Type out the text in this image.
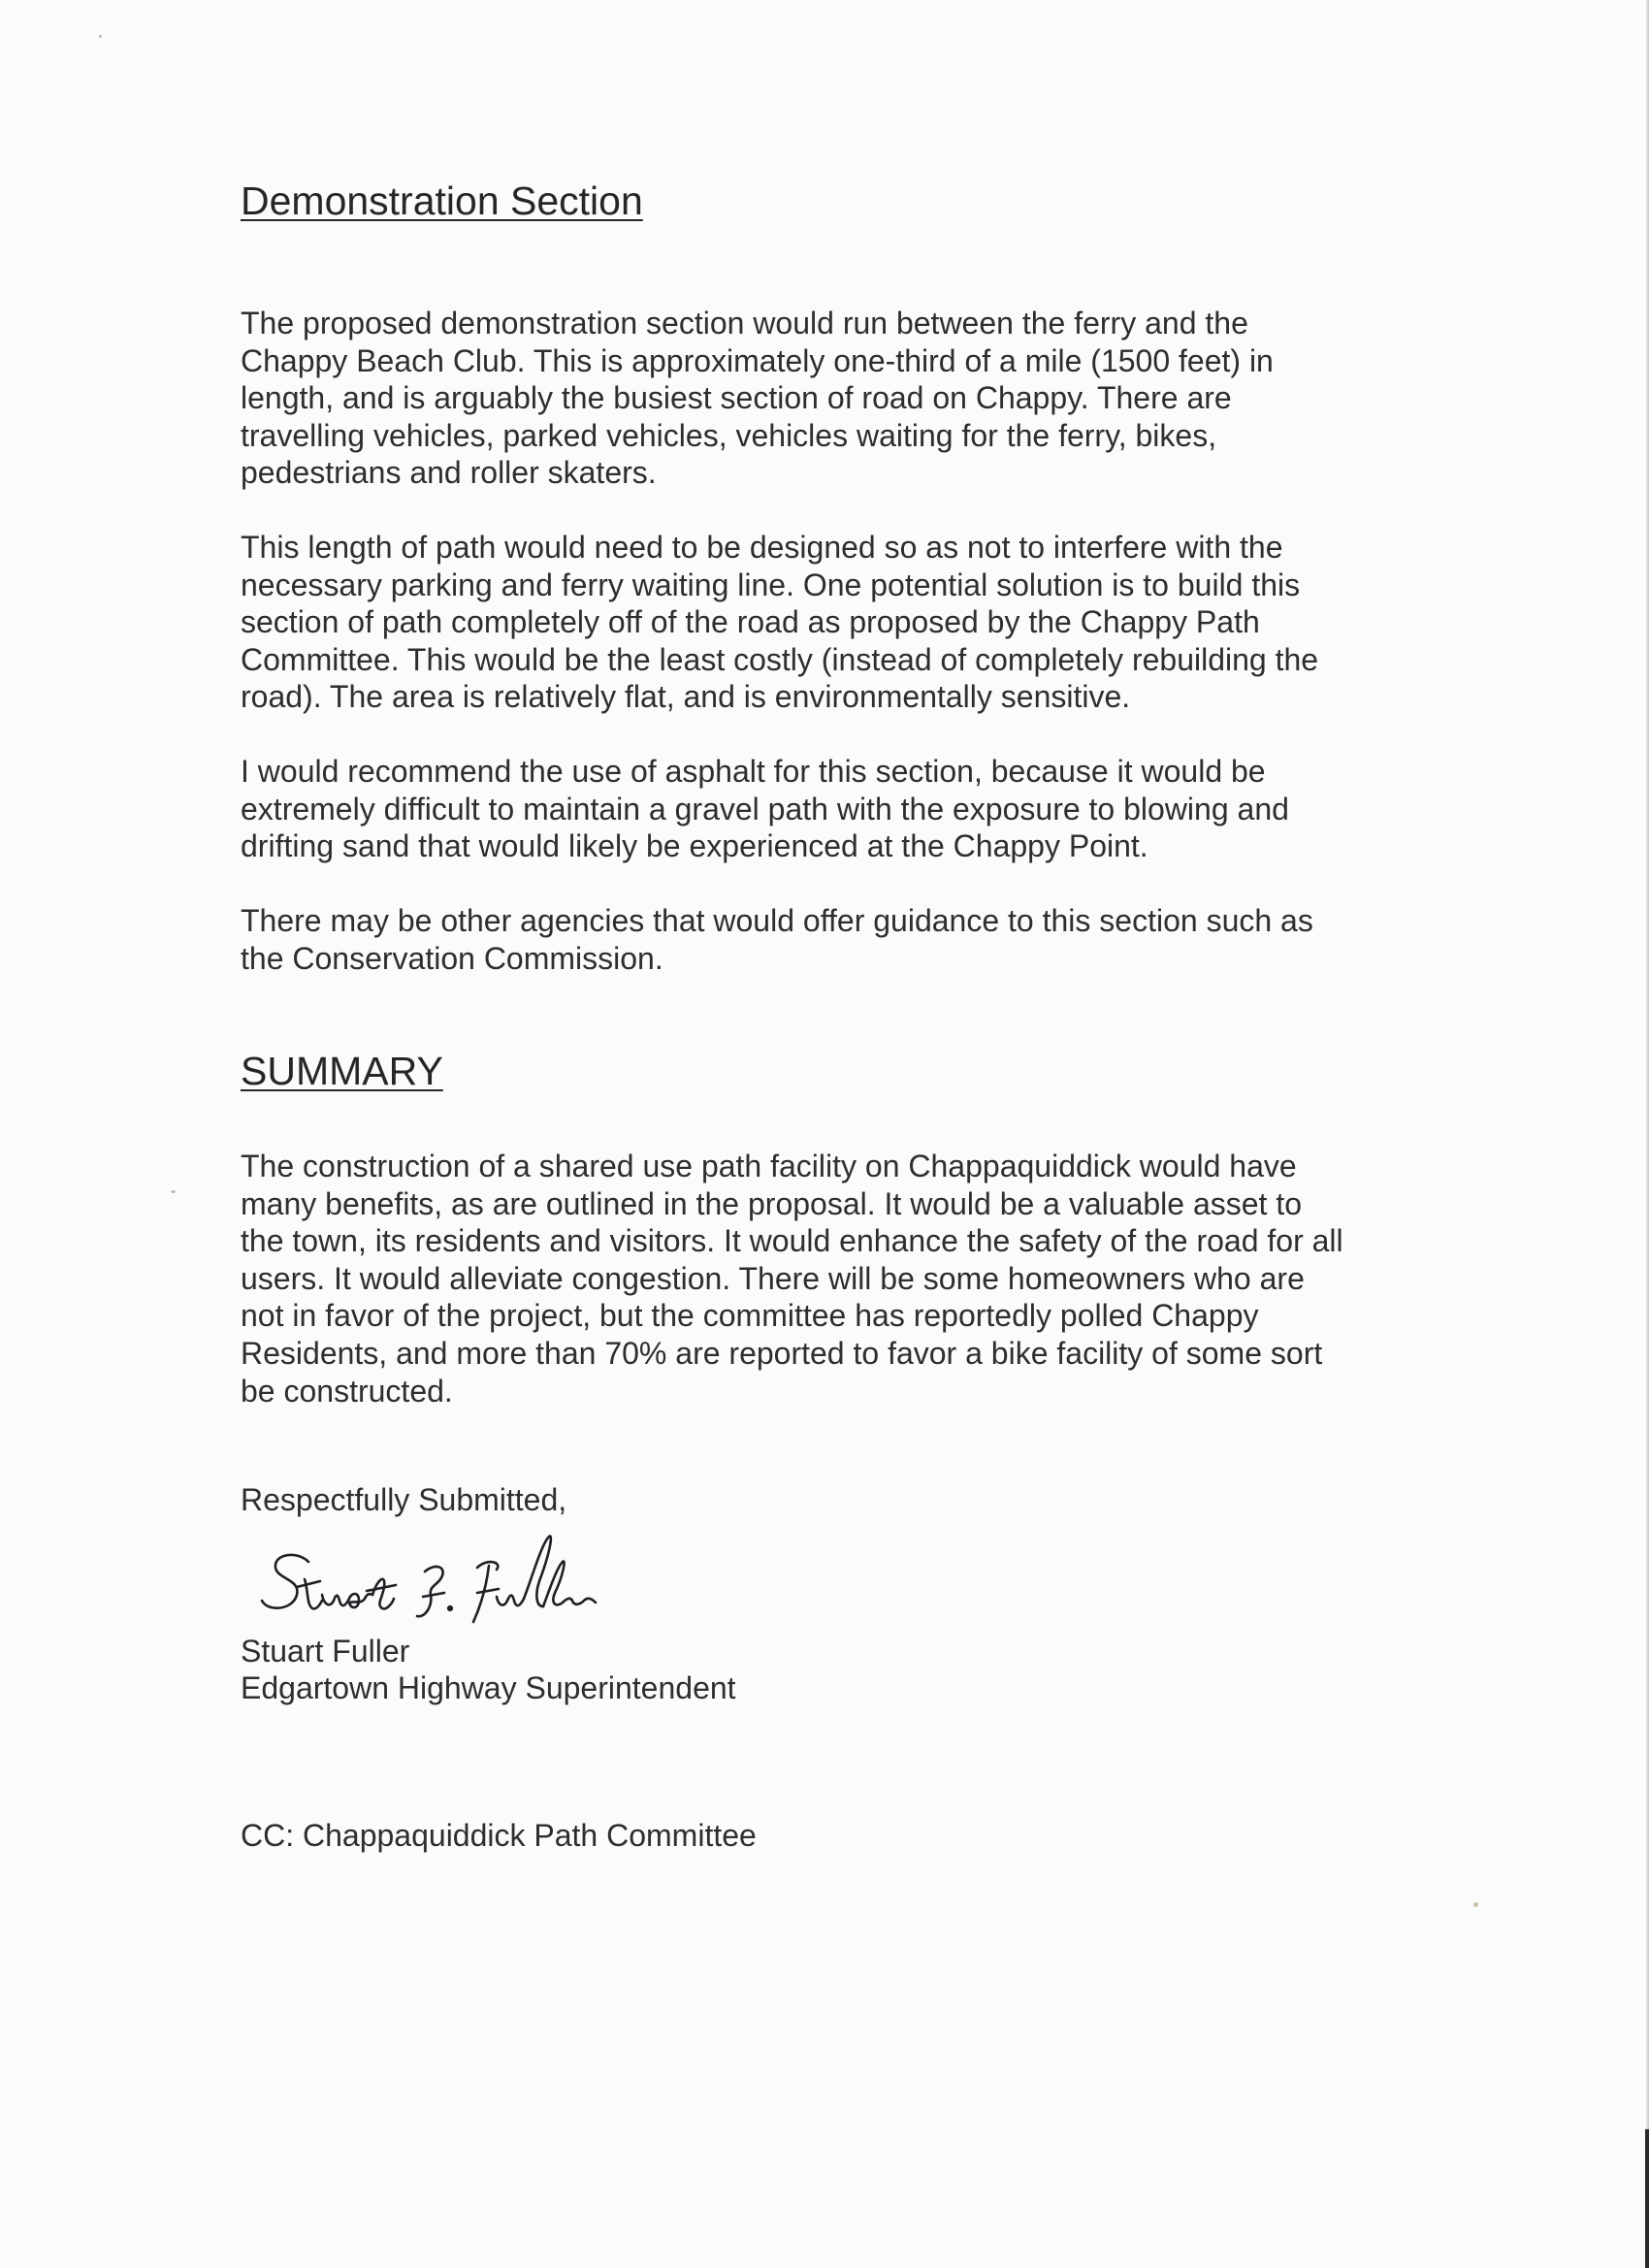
Demonstration Section
The proposed demonstration section would run between the ferry and the
Chappy Beach Club. This is approximately one-third of a mile (1500 feet) in
length, and is arguably the busiest section of road on Chappy. There are
travelling vehicles, parked vehicles, vehicles waiting for the ferry, bikes,
pedestrians and roller skaters.
This length of path would need to be designed so as not to interfere with the
necessary parking and ferry waiting line. One potential solution is to build this
section of path completely off of the road as proposed by the Chappy Path
Committee. This would be the least costly (instead of completely rebuilding the
road). The area is relatively flat, and is environmentally sensitive.
I would recommend the use of asphalt for this section, because it would be
extremely difficult to maintain a gravel path with the exposure to blowing and
drifting sand that would likely be experienced at the Chappy Point.
There may be other agencies that would offer guidance to this section such as
the Conservation Commission.
SUMMARY
The construction of a shared use path facility on Chappaquiddick would have
many benefits, as are outlined in the proposal. It would be a valuable asset to
the town, its residents and visitors. It would enhance the safety of the road for all
users. It would alleviate congestion. There will be some homeowners who are
not in favor of the project, but the committee has reportedly polled Chappy
Residents, and more than 70% are reported to favor a bike facility of some sort
be constructed.
Respectfully Submitted,
Stuart Fuller
Edgartown Highway Superintendent
CC: Chappaquiddick Path Committee
